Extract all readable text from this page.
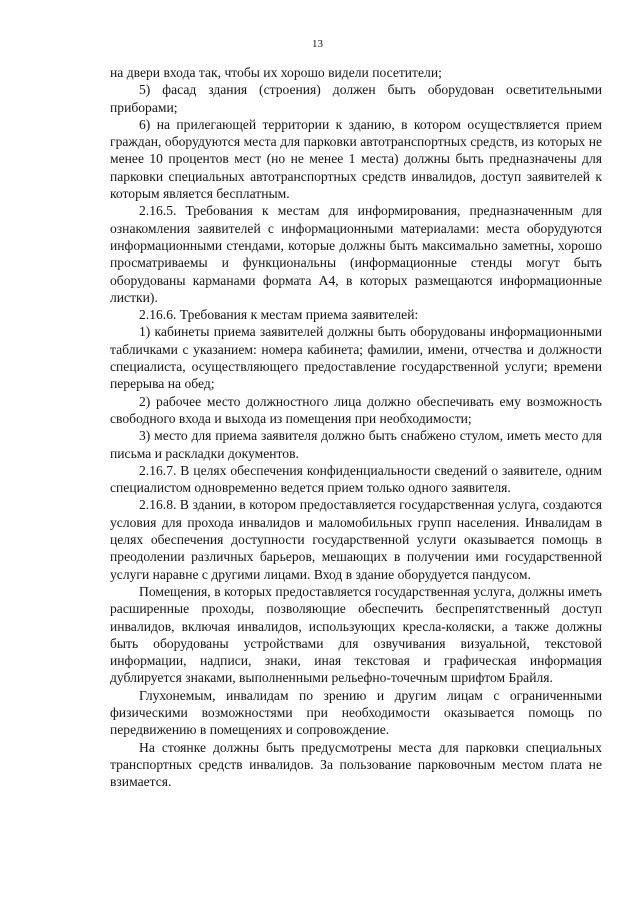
13

на двери входа так, чтобы их хорошо видели посетители;

5) фасад здания (строения) должен быть оборудован осветительными приборами;

6) на прилегающей территории к зданию, в котором осуществляется прием граждан, оборудуются места для парковки автотранспортных средств, из которых не менее 10 процентов мест (но не менее 1 места) должны быть предназначены для парковки специальных автотранспортных средств инвалидов, доступ заявителей к которым является бесплатным.

2.16.5. Требования к местам для информирования, предназначенным для ознакомления заявителей с информационными материалами: места оборудуются информационными стендами, которые должны быть максимально заметны, хорошо просматриваемы и функциональны (информационные стенды могут быть оборудованы карманами формата А4, в которых размещаются информационные листки).

2.16.6. Требования к местам приема заявителей:

1) кабинеты приема заявителей должны быть оборудованы информационными табличками с указанием: номера кабинета; фамилии, имени, отчества и должности специалиста, осуществляющего предоставление государственной услуги; времени перерыва на обед;

2) рабочее место должностного лица должно обеспечивать ему возможность свободного входа и выхода из помещения при необходимости;

3) место для приема заявителя должно быть снабжено стулом, иметь место для письма и раскладки документов.

2.16.7. В целях обеспечения конфиденциальности сведений о заявителе, одним специалистом одновременно ведется прием только одного заявителя.

2.16.8. В здании, в котором предоставляется государственная услуга, создаются условия для прохода инвалидов и маломобильных групп населения. Инвалидам в целях обеспечения доступности государственной услуги оказывается помощь в преодолении различных барьеров, мешающих в получении ими государственной услуги наравне с другими лицами. Вход в здание оборудуется пандусом.

Помещения, в которых предоставляется государственная услуга, должны иметь расширенные проходы, позволяющие обеспечить беспрепятственный доступ инвалидов, включая инвалидов, использующих кресла-коляски, а также должны быть оборудованы устройствами для озвучивания визуальной, текстовой информации, надписи, знаки, иная текстовая и графическая информация дублируется знаками, выполненными рельефно-точечным шрифтом Брайля.

Глухонемым, инвалидам по зрению и другим лицам с ограниченными физическими возможностями при необходимости оказывается помощь по передвижению в помещениях и сопровождение.

На стоянке должны быть предусмотрены места для парковки специальных транспортных средств инвалидов. За пользование парковочным местом плата не взимается.
